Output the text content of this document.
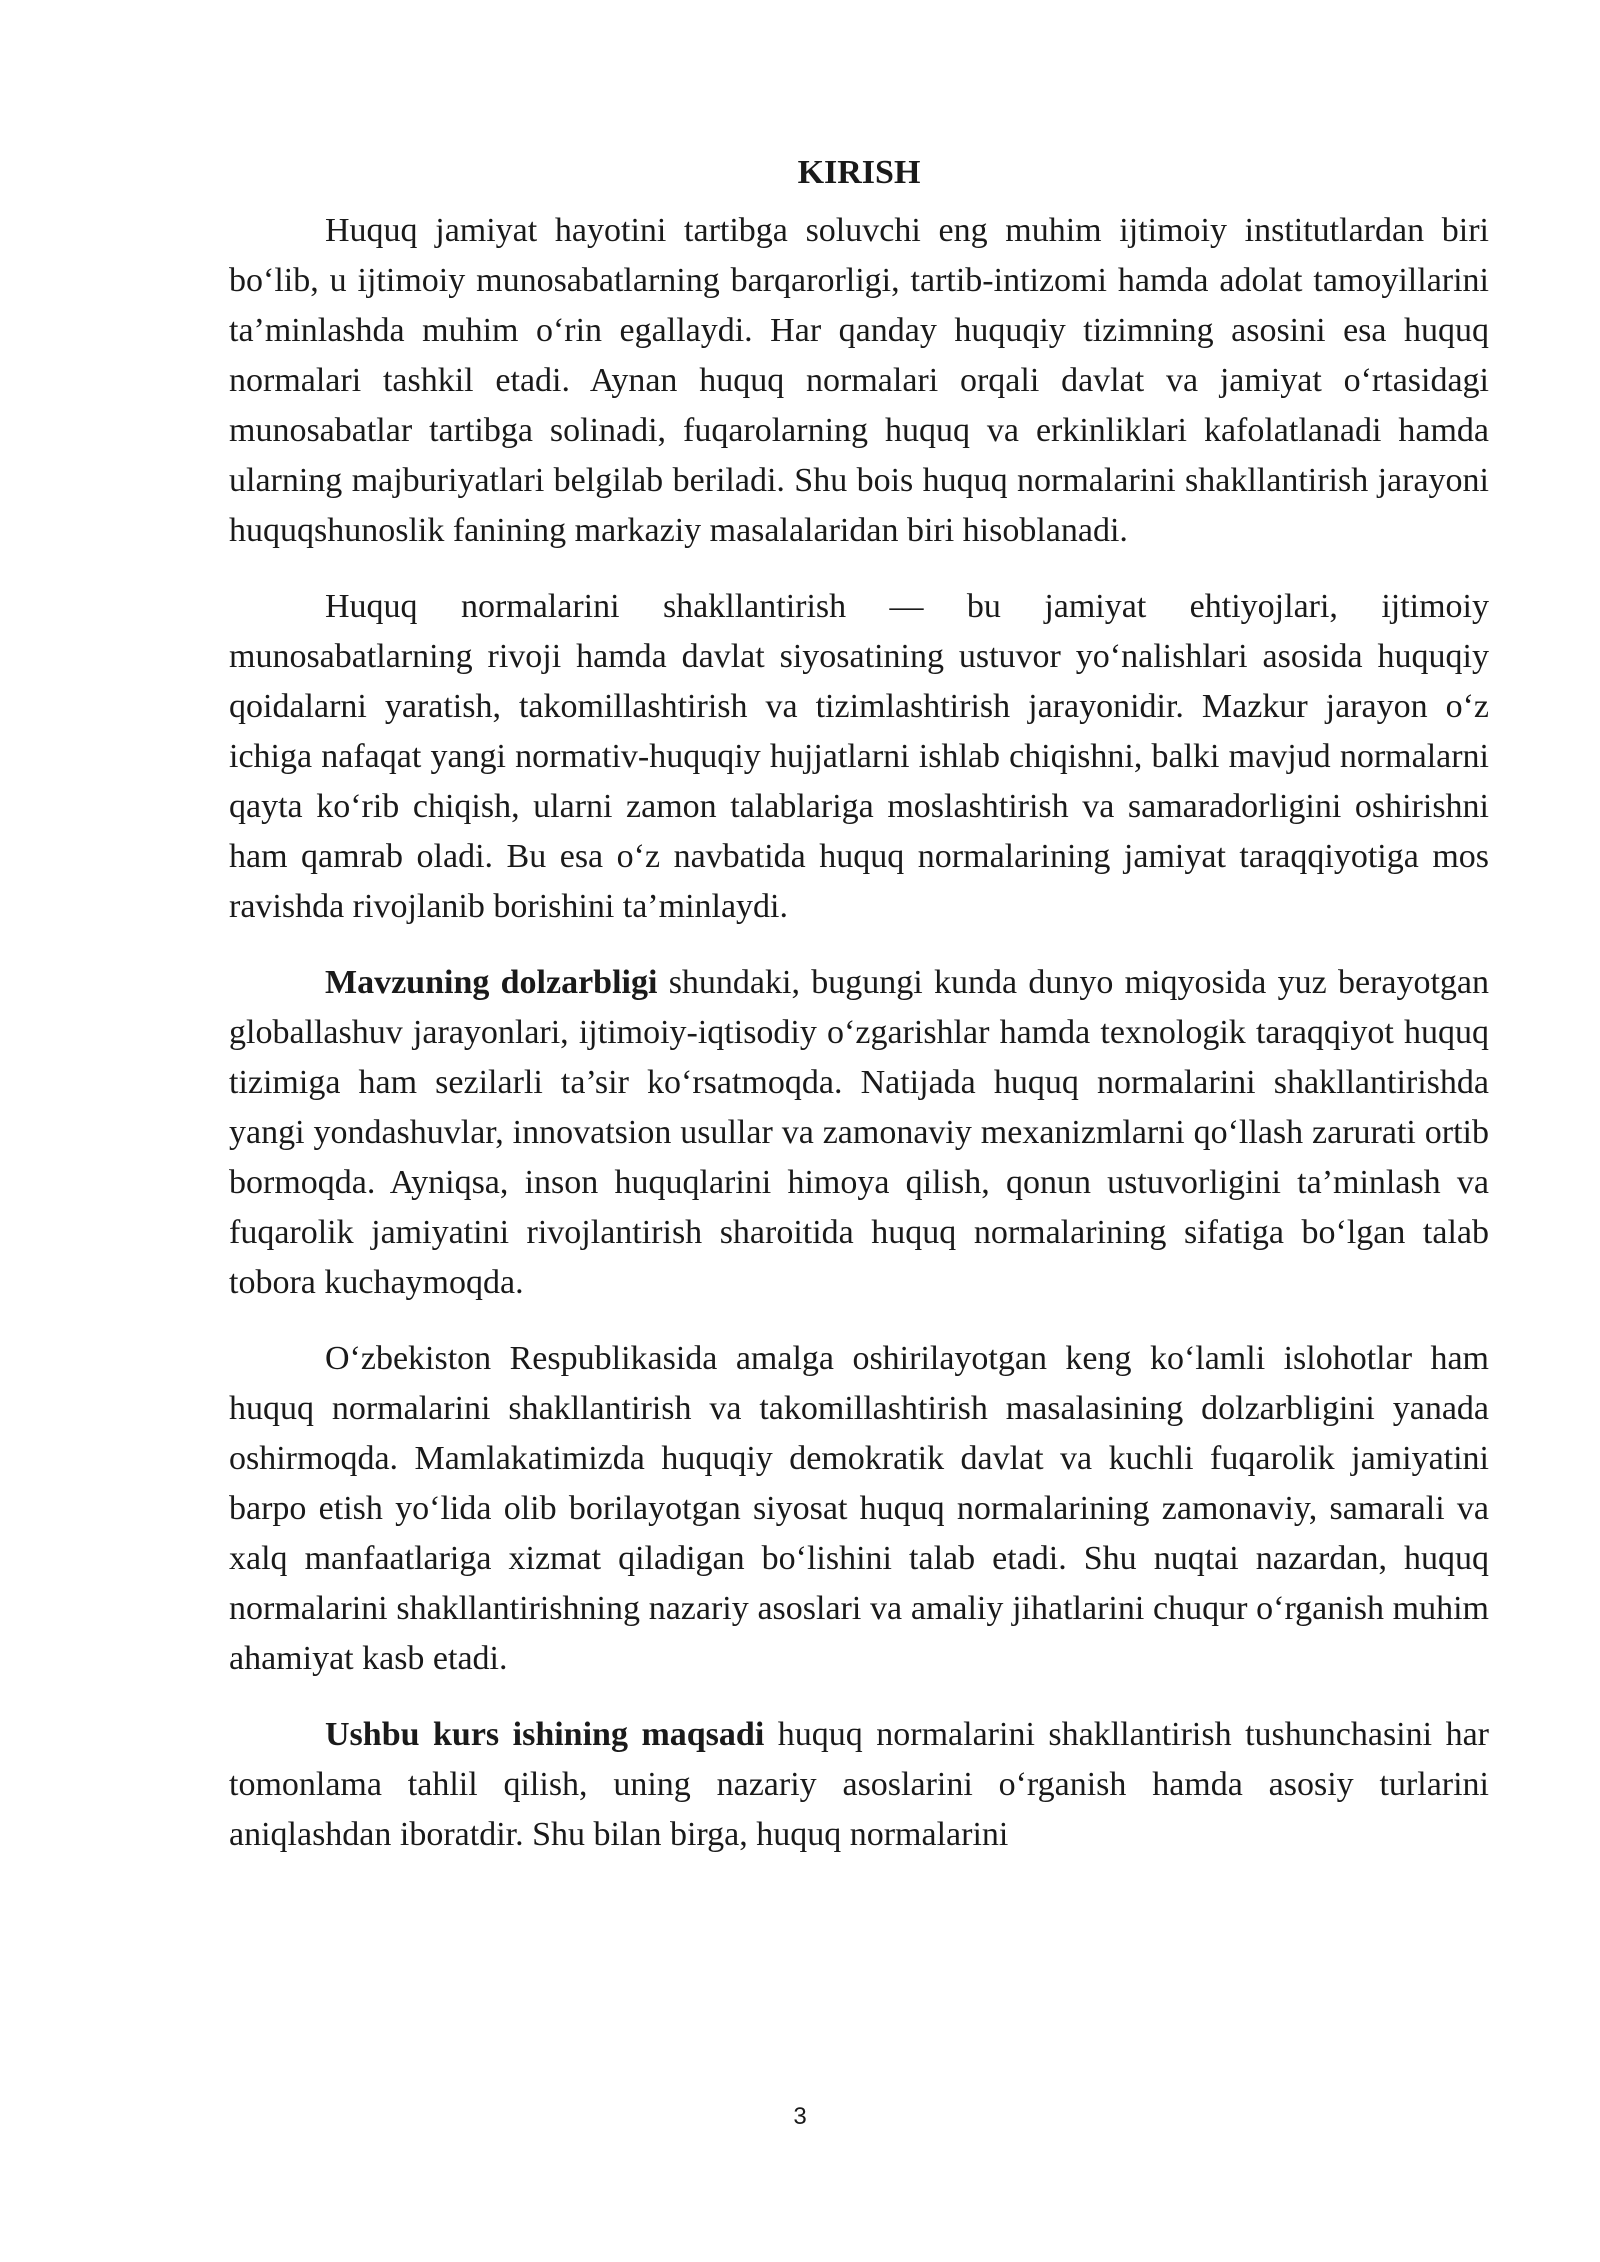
KIRISH

Huquq jamiyat hayotini tartibga soluvchi eng muhim ijtimoiy institutlardan biri bo‘lib, u ijtimoiy munosabatlarning barqarorligi, tartib-intizomi hamda adolat tamoyillarini ta’minlashda muhim o‘rin egallaydi. Har qanday huquqiy tizimning asosini esa huquq normalari tashkil etadi. Aynan huquq normalari orqali davlat va jamiyat o‘rtasidagi munosabatlar tartibga solinadi, fuqarolarning huquq va erkinliklari kafolatlanadi hamda ularning majburiyatlari belgilab beriladi. Shu bois huquq normalarini shakllantirish jarayoni huquqshunoslik fanining markaziy masalalaridan biri hisoblanadi.

Huquq normalarini shakllantirish — bu jamiyat ehtiyojlari, ijtimoiy munosabatlarning rivoji hamda davlat siyosatining ustuvor yo‘nalishlari asosida huquqiy qoidalarni yaratish, takomillashtirish va tizimlashtirish jarayonidir. Mazkur jarayon o‘z ichiga nafaqat yangi normativ-huquqiy hujjatlarni ishlab chiqishni, balki mavjud normalarni qayta ko‘rib chiqish, ularni zamon talablariga moslashtirish va samaradorligini oshirishni ham qamrab oladi. Bu esa o‘z navbatida huquq normalarining jamiyat taraqqiyotiga mos ravishda rivojlanib borishini ta’minlaydi.

Mavzuning dolzarbligi shundaki, bugungi kunda dunyo miqyosida yuz berayotgan globallashuv jarayonlari, ijtimoiy-iqtisodiy o‘zgarishlar hamda texnologik taraqqiyot huquq tizimiga ham sezilarli ta’sir ko‘rsatmoqda. Natijada huquq normalarini shakllantirishda yangi yondashuvlar, innovatsion usullar va zamonaviy mexanizmlarni qo‘llash zarurati ortib bormoqda. Ayniqsa, inson huquqlarini himoya qilish, qonun ustuvorligini ta’minlash va fuqarolik jamiyatini rivojlantirish sharoitida huquq normalarining sifatiga bo‘lgan talab tobora kuchaymoqda.

O‘zbekiston Respublikasida amalga oshirilayotgan keng ko‘lamli islohotlar ham huquq normalarini shakllantirish va takomillashtirish masalasining dolzarbligini yanada oshirmoqda. Mamlakatimizda huquqiy demokratik davlat va kuchli fuqarolik jamiyatini barpo etish yo‘lida olib borilayotgan siyosat huquq normalarining zamonaviy, samarali va xalq manfaatlariga xizmat qiladigan bo‘lishini talab etadi. Shu nuqtai nazardan, huquq normalarini shakllantirishning nazariy asoslari va amaliy jihatlarini chuqur o‘rganish muhim ahamiyat kasb etadi.

Ushbu kurs ishining maqsadi huquq normalarini shakllantirish tushunchasini har tomonlama tahlil qilish, uning nazariy asoslarini o‘rganish hamda asosiy turlarini aniqlashdan iboratdir. Shu bilan birga, huquq normalarini

3
